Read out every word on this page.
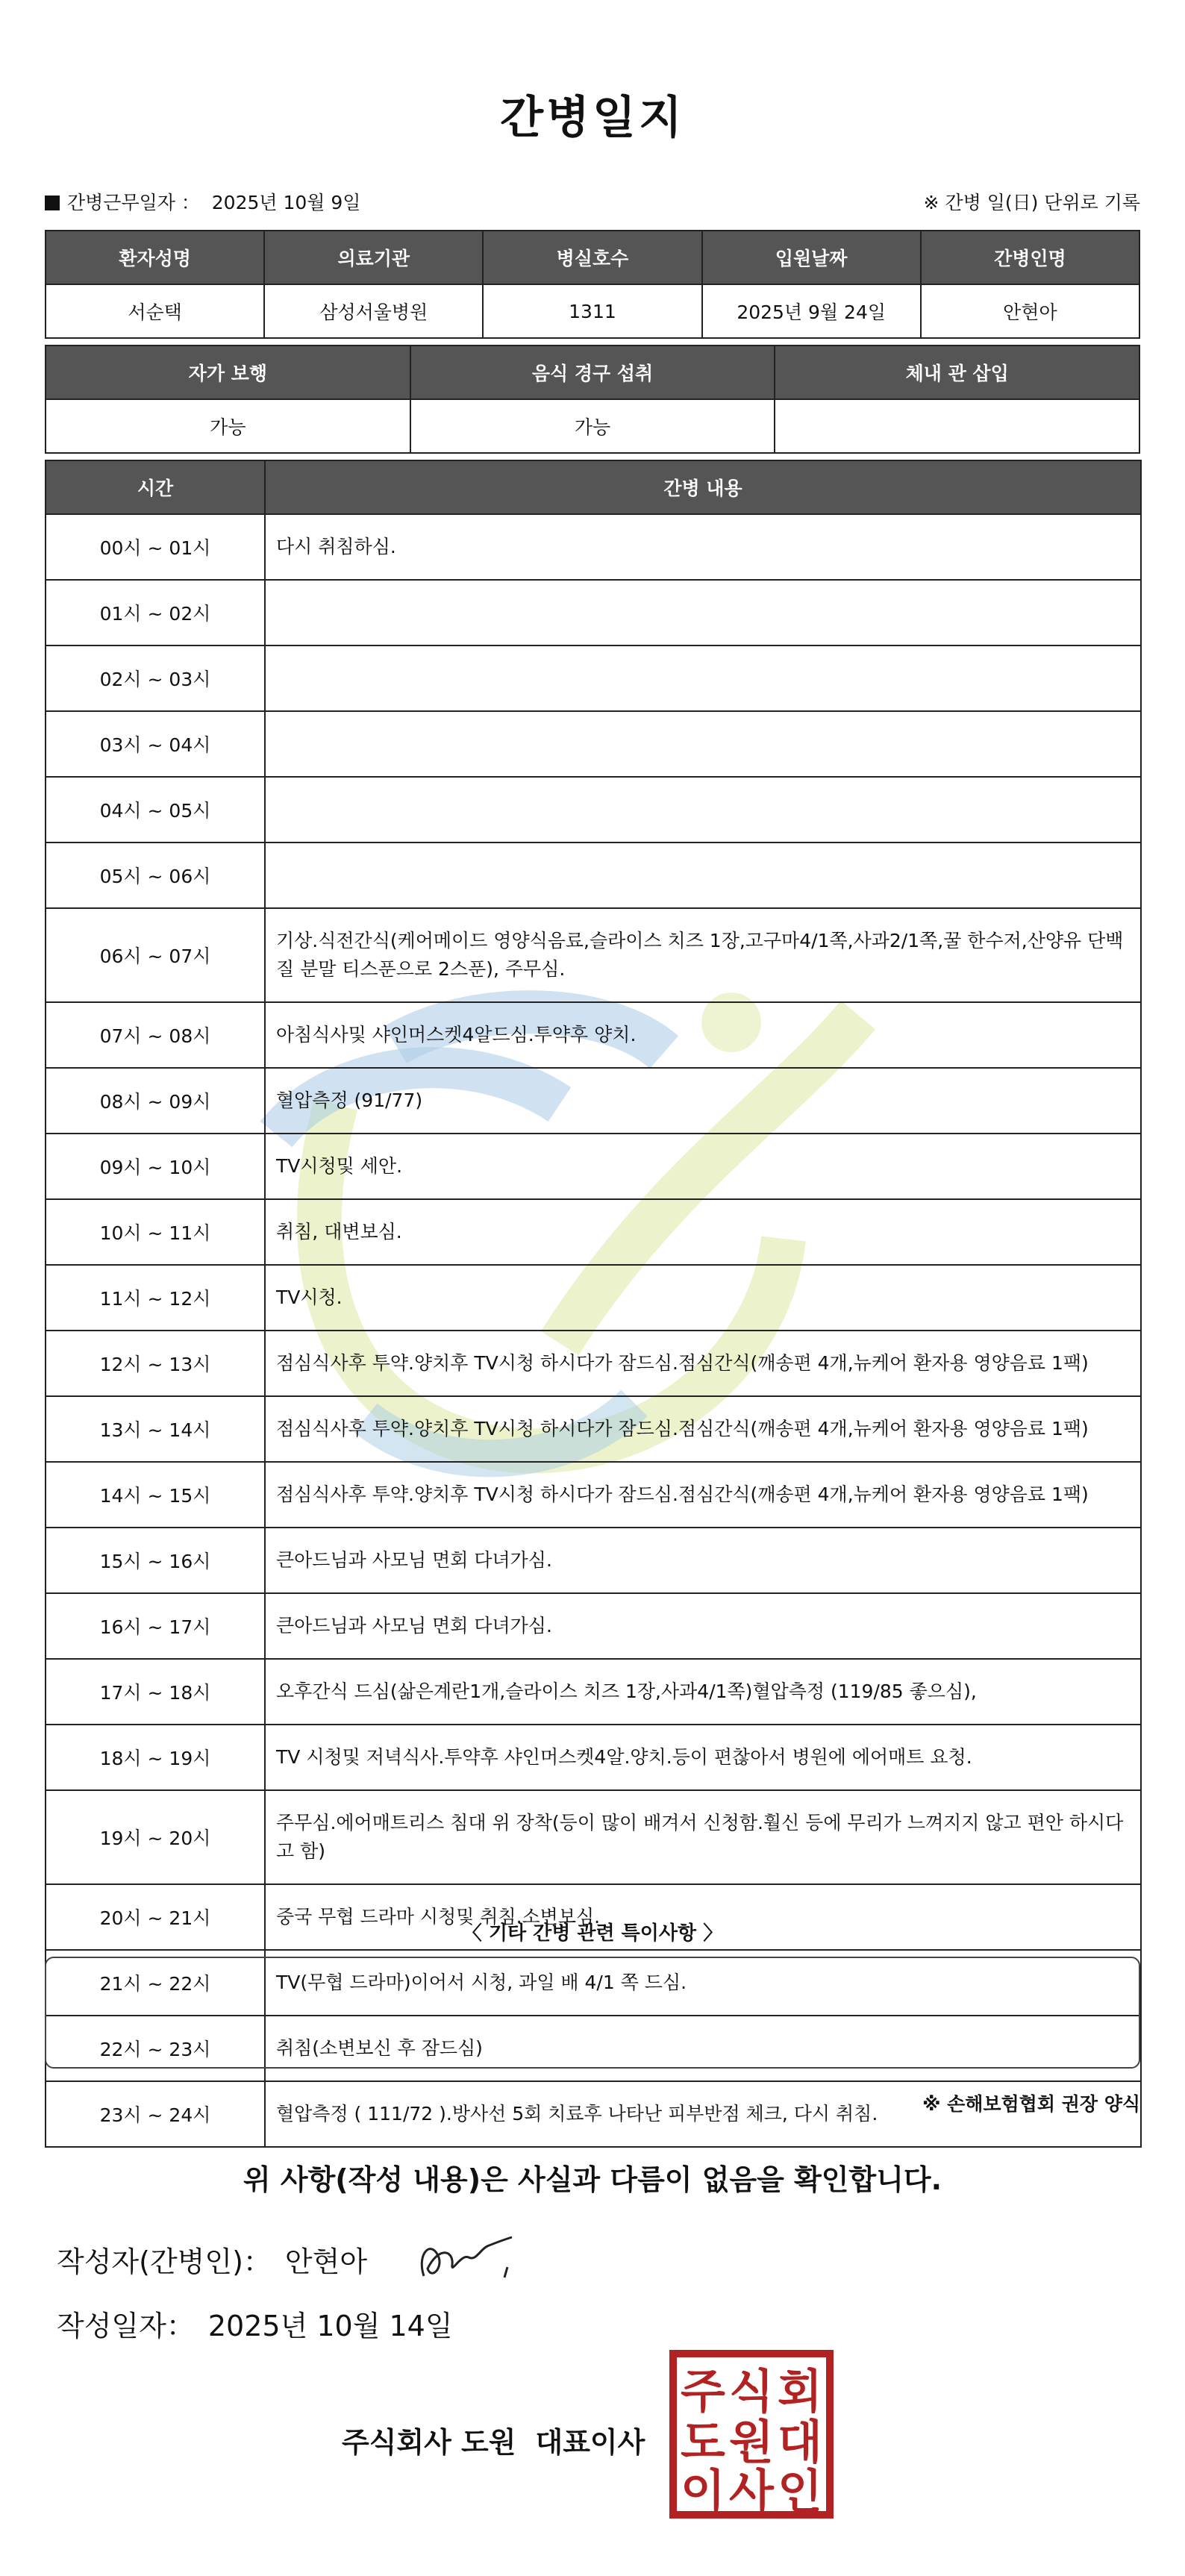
간병일지
간병근무일자 ： 2025년 10월 9일	※ 간병 일(日) 단위로 기록
환자성명	의료기관	병실호수	입원날짜	간병인명
서순택	삼성서울병원	1311	2025년 9월 24일	안현아
자가 보행	음식 경구 섭취	체내 관 삽입
가능	가능	
시간	간병 내용
00시 ~ 01시	다시 취침하심.
01시 ~ 02시	
02시 ~ 03시	
03시 ~ 04시	
04시 ~ 05시	
05시 ~ 06시	
06시 ~ 07시	기상.식전간식(케어메이드 영양식음료,슬라이스 치즈 1장,고구마4/1쪽,사과2/1쪽,꿀 한수저,산양유 단백질 분말 티스푼으로 2스푼), 주무심.
07시 ~ 08시	아침식사및 샤인머스켓4알드심.투약후 양치.
08시 ~ 09시	혈압측정 (91/77)
09시 ~ 10시	TV시청및 세안.
10시 ~ 11시	취침, 대변보심.
11시 ~ 12시	TV시청.
12시 ~ 13시	점심식사후 투약.양치후 TV시청 하시다가 잠드심.점심간식(깨송편 4개,뉴케어 환자용 영양음료 1팩)
13시 ~ 14시	점심식사후 투약.양치후 TV시청 하시다가 잠드심.점심간식(깨송편 4개,뉴케어 환자용 영양음료 1팩)
14시 ~ 15시	점심식사후 투약.양치후 TV시청 하시다가 잠드심.점심간식(깨송편 4개,뉴케어 환자용 영양음료 1팩)
15시 ~ 16시	큰아드님과 사모님 면회 다녀가심.
16시 ~ 17시	큰아드님과 사모님 면회 다녀가심.
17시 ~ 18시	오후간식 드심(삶은계란1개,슬라이스 치즈 1장,사과4/1쪽)혈압측정 (119/85 좋으심),
18시 ~ 19시	TV 시청및 저녁식사.투약후 샤인머스켓4알.양치.등이 편찮아서 병원에 에어매트 요청.
19시 ~ 20시	주무심.에어매트리스 침대 위 장착(등이 많이 배겨서 신청함.훨신 등에 무리가 느껴지지 않고 편안 하시다고 함)
20시 ~ 21시	중국 무협 드라마 시청및 취침.소변보심.
21시 ~ 22시	TV(무협 드라마)이어서 시청, 과일 배 4/1 쪽 드심.
22시 ~ 23시	취침(소변보신 후 잠드심)
23시 ~ 24시	혈압측정 ( 111/72 ).방사선 5회 치료후 나타난 피부반점 체크, 다시 취침.
〈 기타 간병 관련 특이사항 〉
※ 손해보험협회 권장 양식
위 사항(작성 내용)은 사실과 다름이 없음을 확인합니다.
작성자(간병인)： 안현아
작성일자： 2025년 10월 14일
주식회사 도원 대표이사
주 식 회
도 원 대
이 사 인
